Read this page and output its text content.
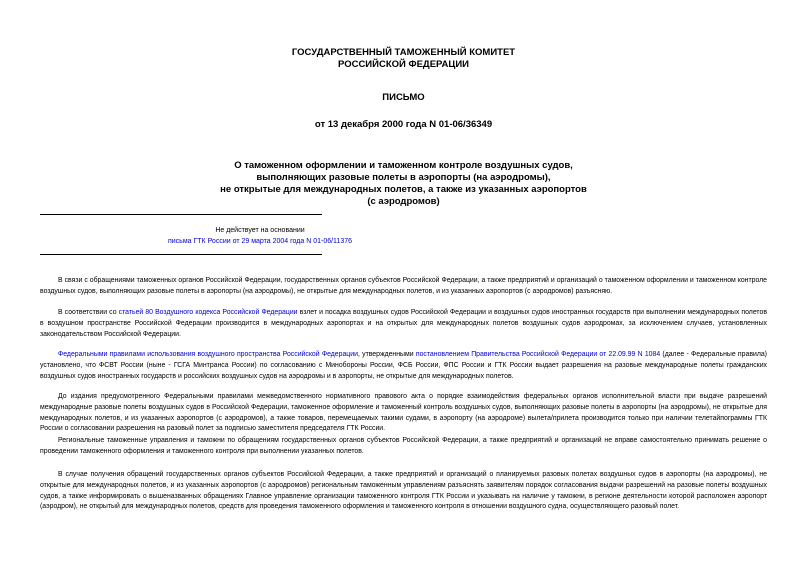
ГОСУДАРСТВЕННЫЙ ТАМОЖЕННЫЙ КОМИТЕТ
РОССИЙСКОЙ ФЕДЕРАЦИИ
ПИСЬМО
от 13 декабря 2000 года N 01-06/36349
О таможенном оформлении и таможенном контроле воздушных судов,
выполняющих разовые полеты в аэропорты (на аэродромы),
не открытые для международных полетов, а также из указанных аэропортов
(с аэродромов)
Не действует на основании
письма ГТК России от 29 марта 2004 года N 01-06/11376
В связи с обращениями таможенных органов Российской Федерации, государственных органов субъектов Российской Федерации, а также предприятий и организаций о таможенном оформлении и таможенном контроле воздушных судов, выполняющих разовые полеты в аэропорты (на аэродромы), не открытые для международных полетов, и из указанных аэропортов (с аэродромов) разъясняю.
В соответствии со статьей 80 Воздушного кодекса Российской Федерации взлет и посадка воздушных судов Российской Федерации и воздушных судов иностранных государств при выполнении международных полетов в воздушном пространстве Российской Федерации производится в международных аэропортах и на открытых для международных полетов воздушных судов аэродромах, за исключением случаев, установленных законодательством Российской Федерации.
Федеральными правилами использования воздушного пространства Российской Федерации, утвержденными постановлением Правительства Российской Федерации от 22.09.99 N 1084 (далее - Федеральные правила) установлено, что ФСВТ России (ныне - ГСГА Минтранса России) по согласованию с Минобороны России, ФСБ России, ФПС России и ГТК России выдает разрешения на разовые международные полеты гражданских воздушных судов иностранных государств и российских воздушных судов на аэродромы и в аэропорты, не открытые для международных полетов.
До издания предусмотренного Федеральными правилами межведомственного нормативного правового акта о порядке взаимодействия федеральных органов исполнительной власти при выдаче разрешений международные разовые полеты воздушных судов в Российской Федерации, таможенное оформление и таможенный контроль воздушных судов, выполняющих разовые полеты в аэропорты (на аэродромы), не открытые для международных полетов, и из указанных аэропортов (с аэродромов), а также товаров, перемещаемых такими судами, в аэропорту (на аэродроме) вылета/прилета производится только при наличии телетайпограммы ГТК России о согласовании разрешения на разовый полет за подписью заместителя председателя ГТК России.
Региональные таможенные управления и таможни по обращениям государственных органов субъектов Российской Федерации, а также предприятий и организаций не вправе самостоятельно принимать решение о проведении таможенного оформления и таможенного контроля при выполнении указанных полетов.
В случае получения обращений государственных органов субъектов Российской Федерации, а также предприятий и организаций о планируемых разовых полетах воздушных судов в аэропорты (на аэродромы), не открытые для международных полетов, и из указанных аэропортов (с аэродромов) региональным таможенным управлениям разъяснять заявителям порядок согласования выдачи разрешений на разовые полеты воздушных судов, а также информировать о вышеназванных обращениях Главное управление организации таможенного контроля ГТК России и указывать на наличие у таможни, в регионе деятельности которой расположен аэропорт (аэродром), не открытый для международных полетов, средств для проведения таможенного оформления и таможенного контроля в отношении воздушного судна, осуществляющего разовый полет.
